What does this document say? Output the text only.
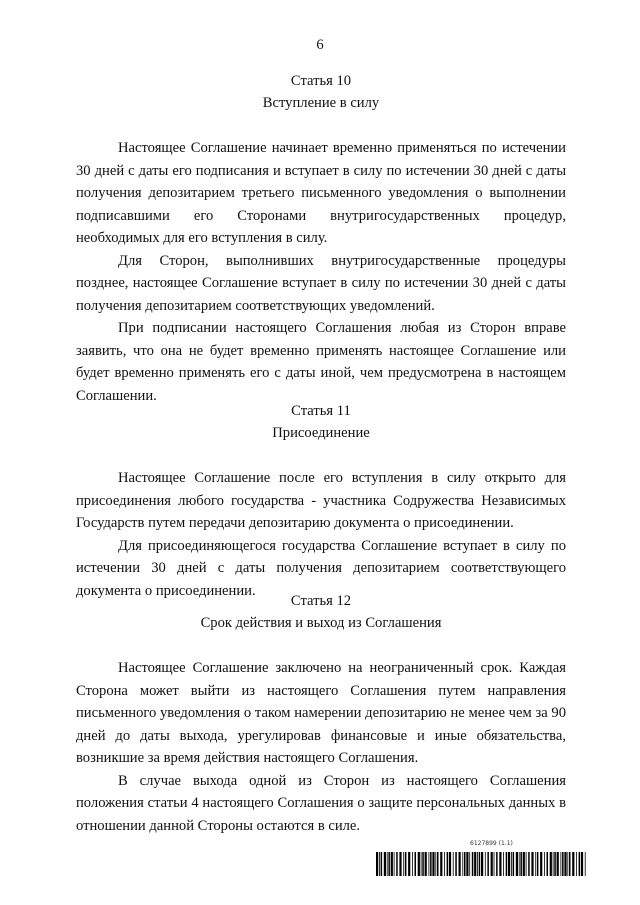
6

Статья 10

Вступление в силу

Настоящее Соглашение начинает временно применяться по истечении 30 дней с даты его подписания и вступает в силу по истечении 30 дней с даты получения депозитарием третьего письменного уведомления о выполнении подписавшими его Сторонами внутригосударственных процедур, необходимых для его вступления в силу.

Для Сторон, выполнивших внутригосударственные процедуры позднее, настоящее Соглашение вступает в силу по истечении 30 дней с даты получения депозитарием соответствующих уведомлений.

При подписании настоящего Соглашения любая из Сторон вправе заявить, что она не будет временно применять настоящее Соглашение или будет временно применять его с даты иной, чем предусмотрена в настоящем Соглашении.

Статья 11

Присоединение

Настоящее Соглашение после его вступления в силу открыто для присоединения любого государства - участника Содружества Независимых Государств путем передачи депозитарию документа о присоединении.

Для присоединяющегося государства Соглашение вступает в силу по истечении 30 дней с даты получения депозитарием соответствующего документа о присоединении.

Статья 12

Срок действия и выход из Соглашения

Настоящее Соглашение заключено на неограниченный срок. Каждая Сторона может выйти из настоящего Соглашения путем направления письменного уведомления о таком намерении депозитарию не менее чем за 90 дней до даты выхода, урегулировав финансовые и иные обязательства, возникшие за время действия настоящего Соглашения.

В случае выхода одной из Сторон из настоящего Соглашения положения статьи 4 настоящего Соглашения о защите персональных данных в отношении данной Стороны остаются в силе.

6127899 (1.1)
